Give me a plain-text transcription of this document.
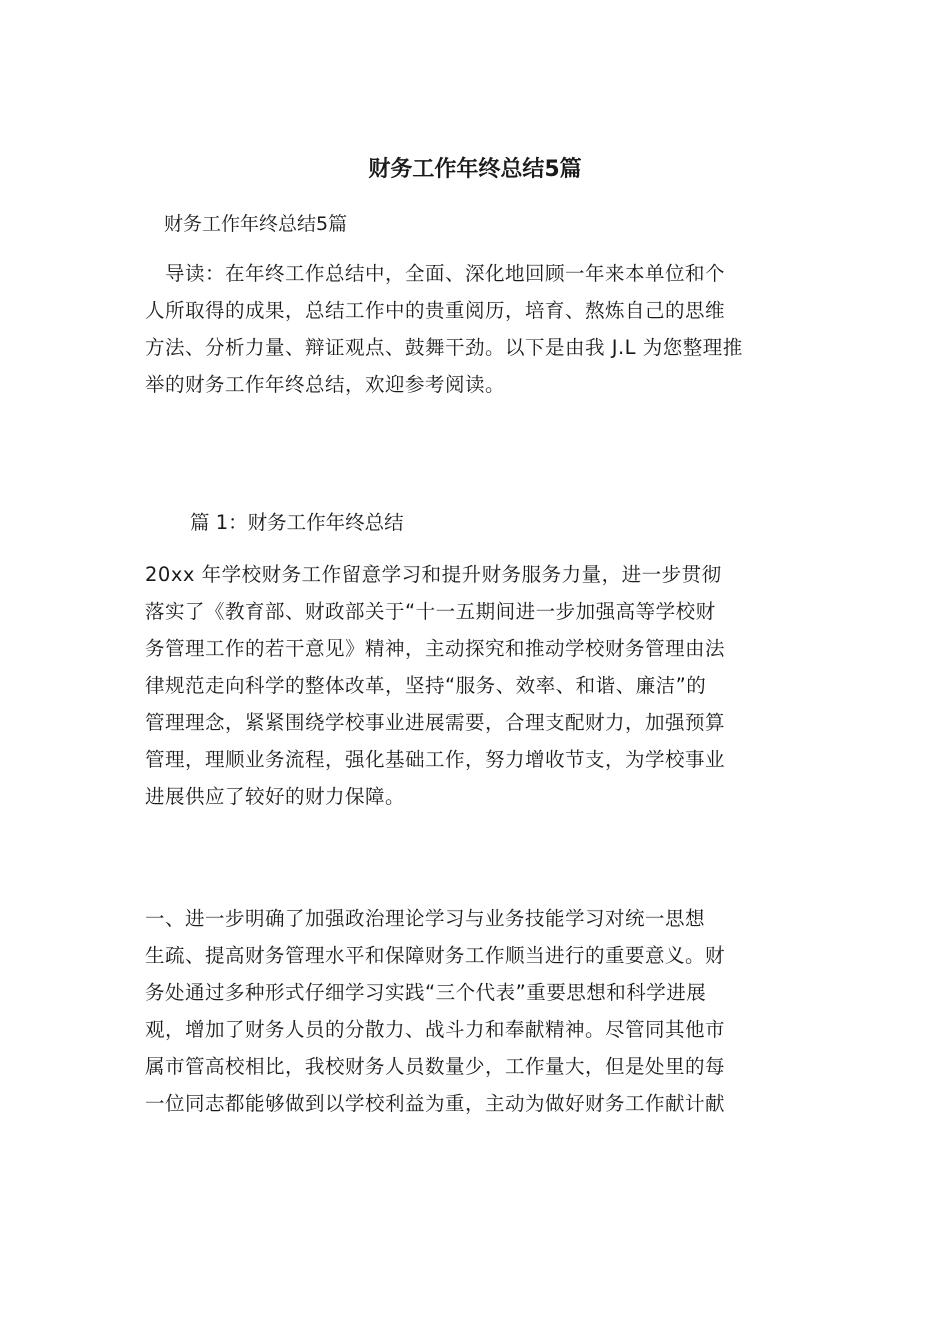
财务工作年终总结5篇

财务工作年终总结5篇

　导读：在年终工作总结中，全面、深化地回顾一年来本单位和个
人所取得的成果，总结工作中的贵重阅历，培育、熬炼自己的思维
方法、分析力量、辩证观点、鼓舞干劲。以下是由我 J.L 为您整理推
举的财务工作年终总结，欢迎参考阅读。

篇 1：财务工作年终总结

20xx 年学校财务工作留意学习和提升财务服务力量，进一步贯彻
落实了《教育部、财政部关于“十一五期间进一步加强高等学校财
务管理工作的若干意见》精神，主动探究和推动学校财务管理由法
律规范走向科学的整体改革，坚持“服务、效率、和谐、廉洁”的
管理理念，紧紧围绕学校事业进展需要，合理支配财力，加强预算
管理，理顺业务流程，强化基础工作，努力增收节支，为学校事业
进展供应了较好的财力保障。
一、进一步明确了加强政治理论学习与业务技能学习对统一思想
生疏、提高财务管理水平和保障财务工作顺当进行的重要意义。财
务处通过多种形式仔细学习实践“三个代表”重要思想和科学进展
观，增加了财务人员的分散力、战斗力和奉献精神。尽管同其他市
属市管高校相比，我校财务人员数量少，工作量大，但是处里的每
一位同志都能够做到以学校利益为重，主动为做好财务工作献计献
